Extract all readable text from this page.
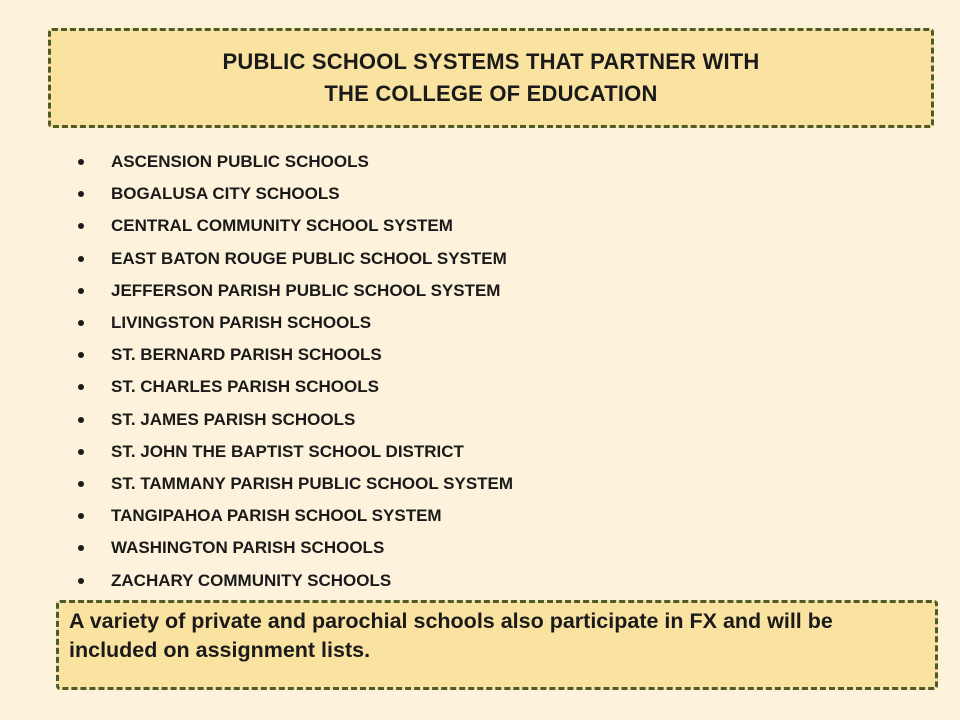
PUBLIC SCHOOL SYSTEMS THAT PARTNER WITH
THE COLLEGE OF EDUCATION
ASCENSION PUBLIC SCHOOLS
BOGALUSA CITY SCHOOLS
CENTRAL COMMUNITY SCHOOL SYSTEM
EAST BATON ROUGE PUBLIC SCHOOL SYSTEM
JEFFERSON PARISH PUBLIC SCHOOL SYSTEM
LIVINGSTON PARISH SCHOOLS
ST. BERNARD PARISH SCHOOLS
ST. CHARLES PARISH SCHOOLS
ST. JAMES PARISH SCHOOLS
ST. JOHN THE BAPTIST SCHOOL DISTRICT
ST. TAMMANY PARISH PUBLIC SCHOOL SYSTEM
TANGIPAHOA PARISH SCHOOL SYSTEM
WASHINGTON PARISH SCHOOLS
ZACHARY COMMUNITY SCHOOLS
A variety of private and parochial schools also participate in FX and will be included on assignment lists.
